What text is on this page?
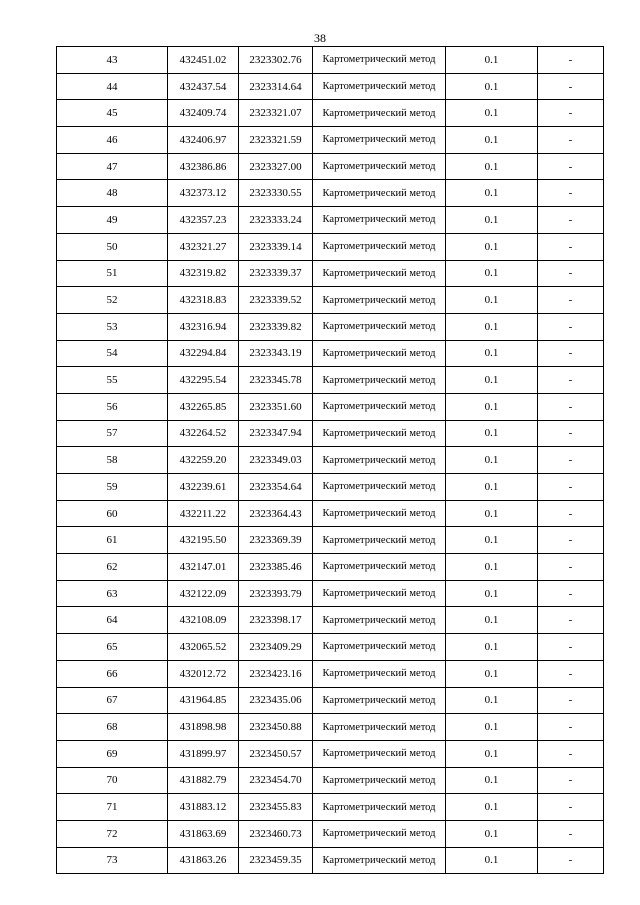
38
43	432451.02	2323302.76	Картометрический метод	0.1	-
44	432437.54	2323314.64	Картометрический метод	0.1	-
45	432409.74	2323321.07	Картометрический метод	0.1	-
46	432406.97	2323321.59	Картометрический метод	0.1	-
47	432386.86	2323327.00	Картометрический метод	0.1	-
48	432373.12	2323330.55	Картометрический метод	0.1	-
49	432357.23	2323333.24	Картометрический метод	0.1	-
50	432321.27	2323339.14	Картометрический метод	0.1	-
51	432319.82	2323339.37	Картометрический метод	0.1	-
52	432318.83	2323339.52	Картометрический метод	0.1	-
53	432316.94	2323339.82	Картометрический метод	0.1	-
54	432294.84	2323343.19	Картометрический метод	0.1	-
55	432295.54	2323345.78	Картометрический метод	0.1	-
56	432265.85	2323351.60	Картометрический метод	0.1	-
57	432264.52	2323347.94	Картометрический метод	0.1	-
58	432259.20	2323349.03	Картометрический метод	0.1	-
59	432239.61	2323354.64	Картометрический метод	0.1	-
60	432211.22	2323364.43	Картометрический метод	0.1	-
61	432195.50	2323369.39	Картометрический метод	0.1	-
62	432147.01	2323385.46	Картометрический метод	0.1	-
63	432122.09	2323393.79	Картометрический метод	0.1	-
64	432108.09	2323398.17	Картометрический метод	0.1	-
65	432065.52	2323409.29	Картометрический метод	0.1	-
66	432012.72	2323423.16	Картометрический метод	0.1	-
67	431964.85	2323435.06	Картометрический метод	0.1	-
68	431898.98	2323450.88	Картометрический метод	0.1	-
69	431899.97	2323450.57	Картометрический метод	0.1	-
70	431882.79	2323454.70	Картометрический метод	0.1	-
71	431883.12	2323455.83	Картометрический метод	0.1	-
72	431863.69	2323460.73	Картометрический метод	0.1	-
73	431863.26	2323459.35	Картометрический метод	0.1	-
